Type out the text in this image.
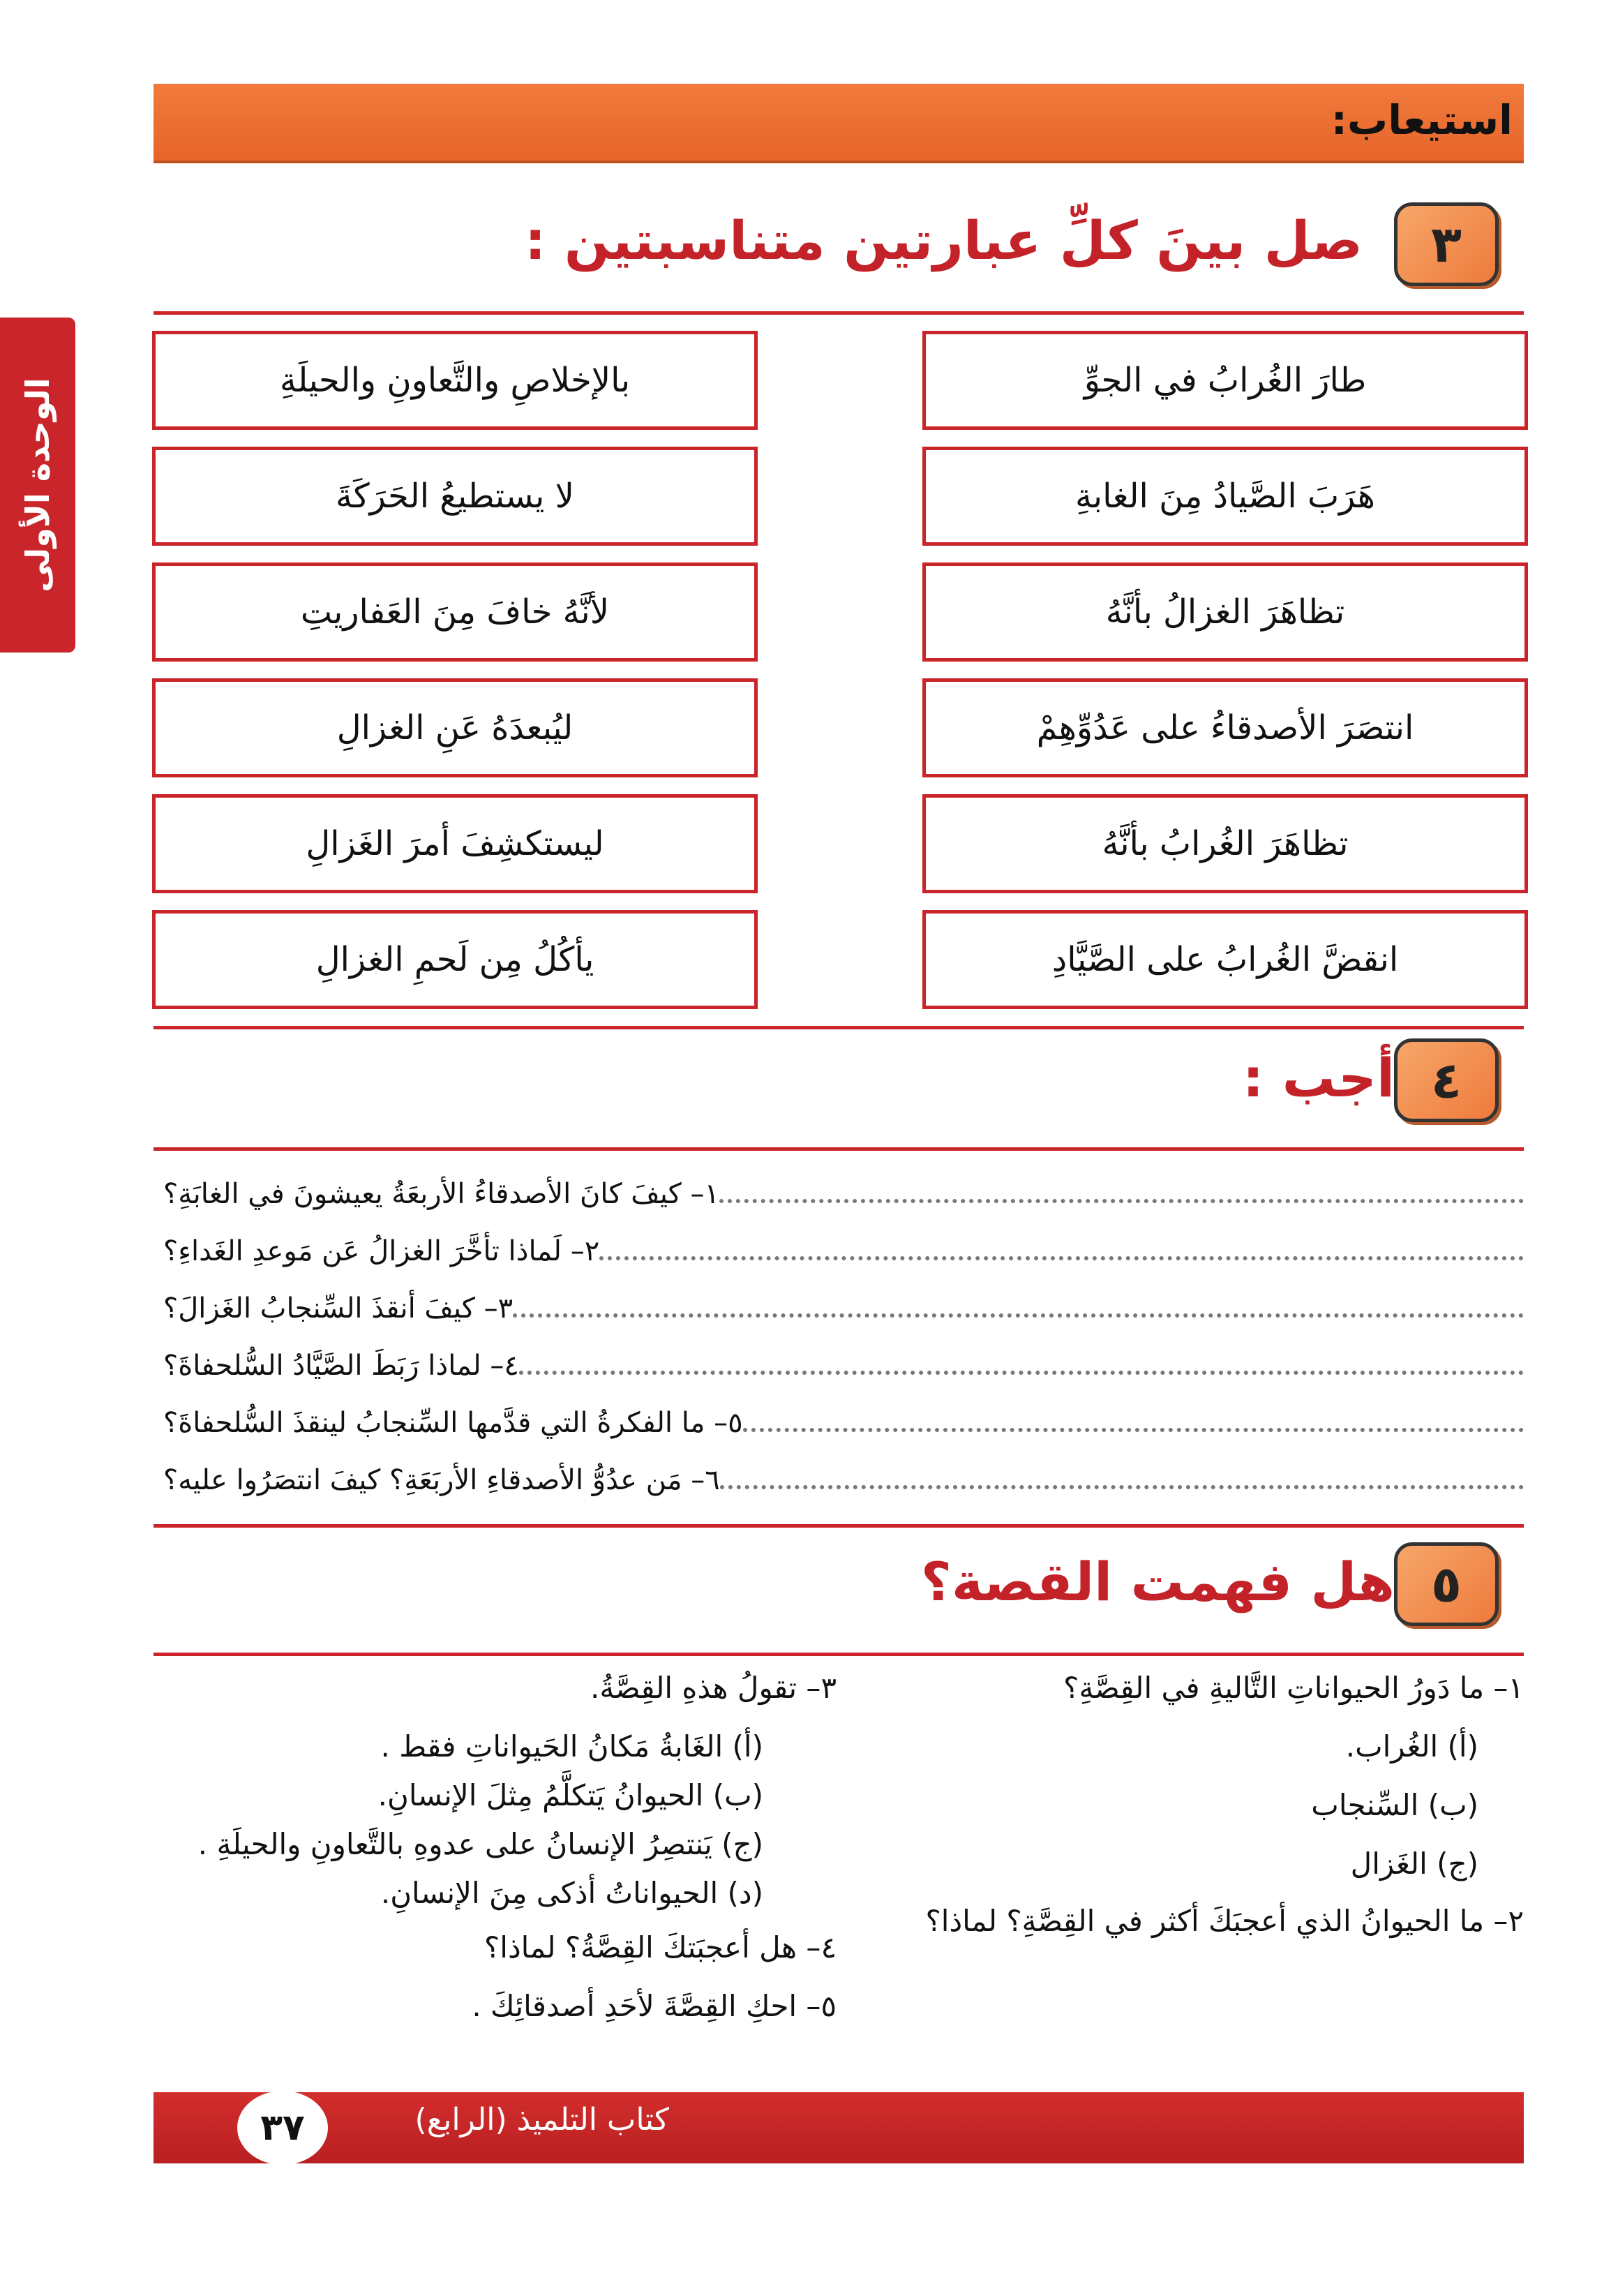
استيعاب:
الوحدة الأولى
٣
صل بينَ كلِّ عبارتين متناسبتين :
طارَ الغُرابُ في الجوِّ
هَرَبَ الصَّيادُ مِنَ الغابةِ
تظاهَرَ الغزالُ بأنَّهُ
انتصَرَ الأصدقاءُ على عَدُوِّهِمْ
تظاهَرَ الغُرابُ بأنَّهُ
انقضَّ الغُرابُ على الصَّيَّادِ
بالإخلاصِ والتَّعاونِ والحيلَةِ
لا يستطيعُ الحَرَكَةَ
لأنَّهُ خافَ مِنَ العَفاريتِ
ليُبعدَهُ عَنِ الغزالِ
ليستكشِفَ أمرَ الغَزالِ
يأكُلُ مِن لَحمِ الغزالِ
٤
أجب :
١– كيفَ كانَ الأصدقاءُ الأربعَةُ يعيشونَ في الغابَةِ؟
٢– لَماذا تأخَّرَ الغزالُ عَن مَوعدِ الغَداءِ؟
٣– كيفَ أنقذَ السِّنجابُ الغَزالَ؟
٤– لماذا رَبَطَ الصَّيَّادُ السُّلحفاةَ؟
٥– ما الفكرةُ التي قدَّمها السِّنجابُ لينقذَ السُّلحفاةَ؟
٦– مَن عدُوُّ الأصدقاءِ الأربَعَةِ؟ كيفَ انتصَرُوا عليه؟
٥
هل فهمت القصة؟
١– ما دَورُ الحيواناتِ التَّاليةِ في القِصَّةِ؟
(أ) الغُراب.
(ب) السِّنجاب
(ج) الغَزال
٢– ما الحيوانُ الذي أعجبَكَ أكثر في القِصَّةِ؟ لماذا؟
٣– تقولُ هذهِ القِصَّةُ.
(أ) الغَابةُ مَكانُ الحَيواناتِ فقط .
(ب) الحيوانُ يَتكلَّمُ مِثلَ الإنسانِ.
(ج) يَنتصِرُ الإنسانُ على عدوهِ بالتَّعاونِ والحيلَةِ .
(د) الحيواناتُ أذكى مِنَ الإنسانِ.
٤– هل أعجبَتكَ القِصَّةُ؟ لماذا؟
٥– احكِ القِصَّةَ لأحَدِ أصدقائِكَ .
كتاب التلميذ (الرابع)
٣٧
